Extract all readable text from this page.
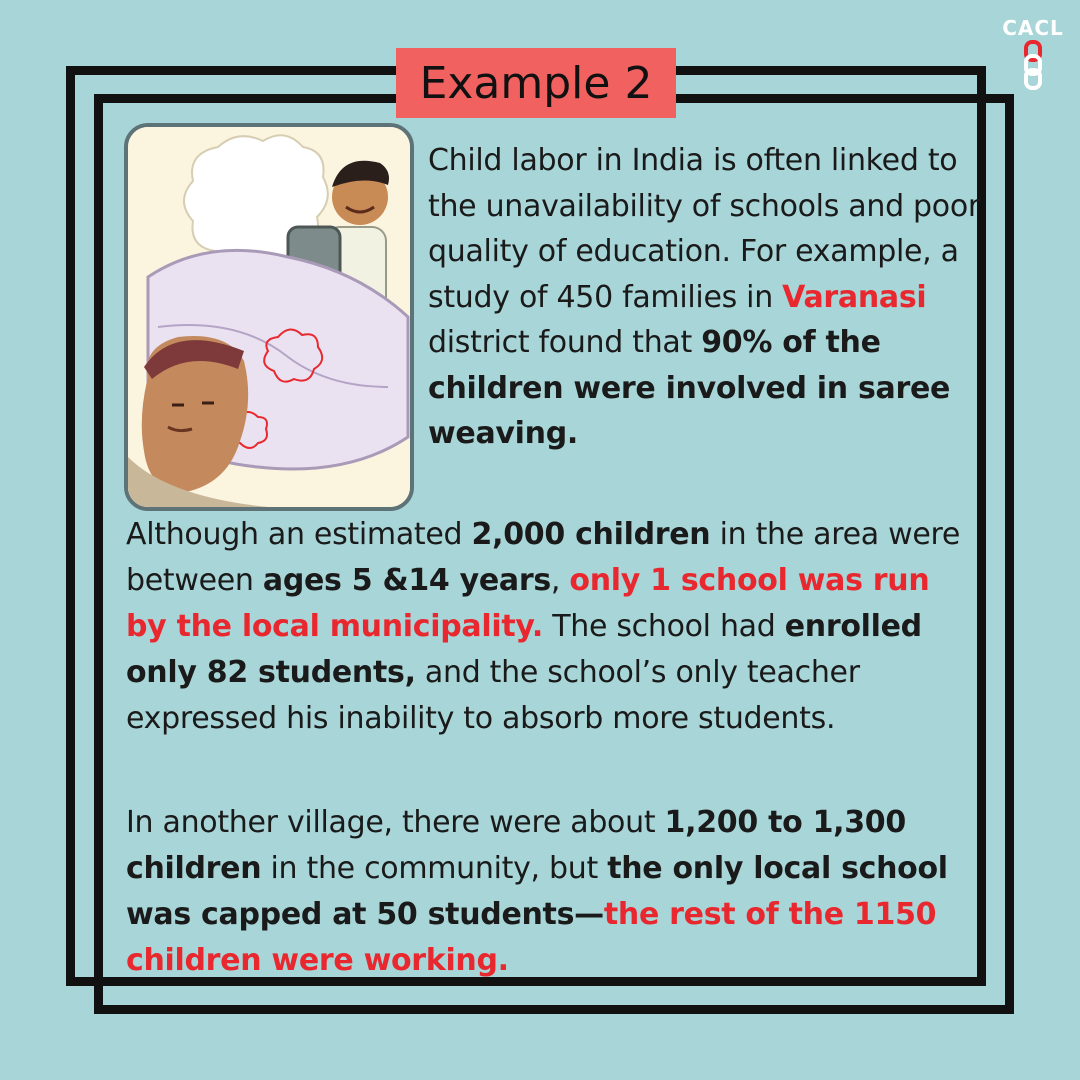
CACL
Example 2
Child labor in India is often linked to the unavailability of schools and poor quality of education. For example, a study of 450 families in Varanasi district found that 90% of the children were involved in saree weaving.
Although an estimated 2,000 children in the area were between ages 5 &14 years, only 1 school was run by the local municipality. The school had enrolled only 82 students, and the school’s only teacher expressed his inability to absorb more students.
In another village, there were about 1,200 to 1,300 children in the community, but the only local school was capped at 50 students—the rest of the 1150 children were working.
